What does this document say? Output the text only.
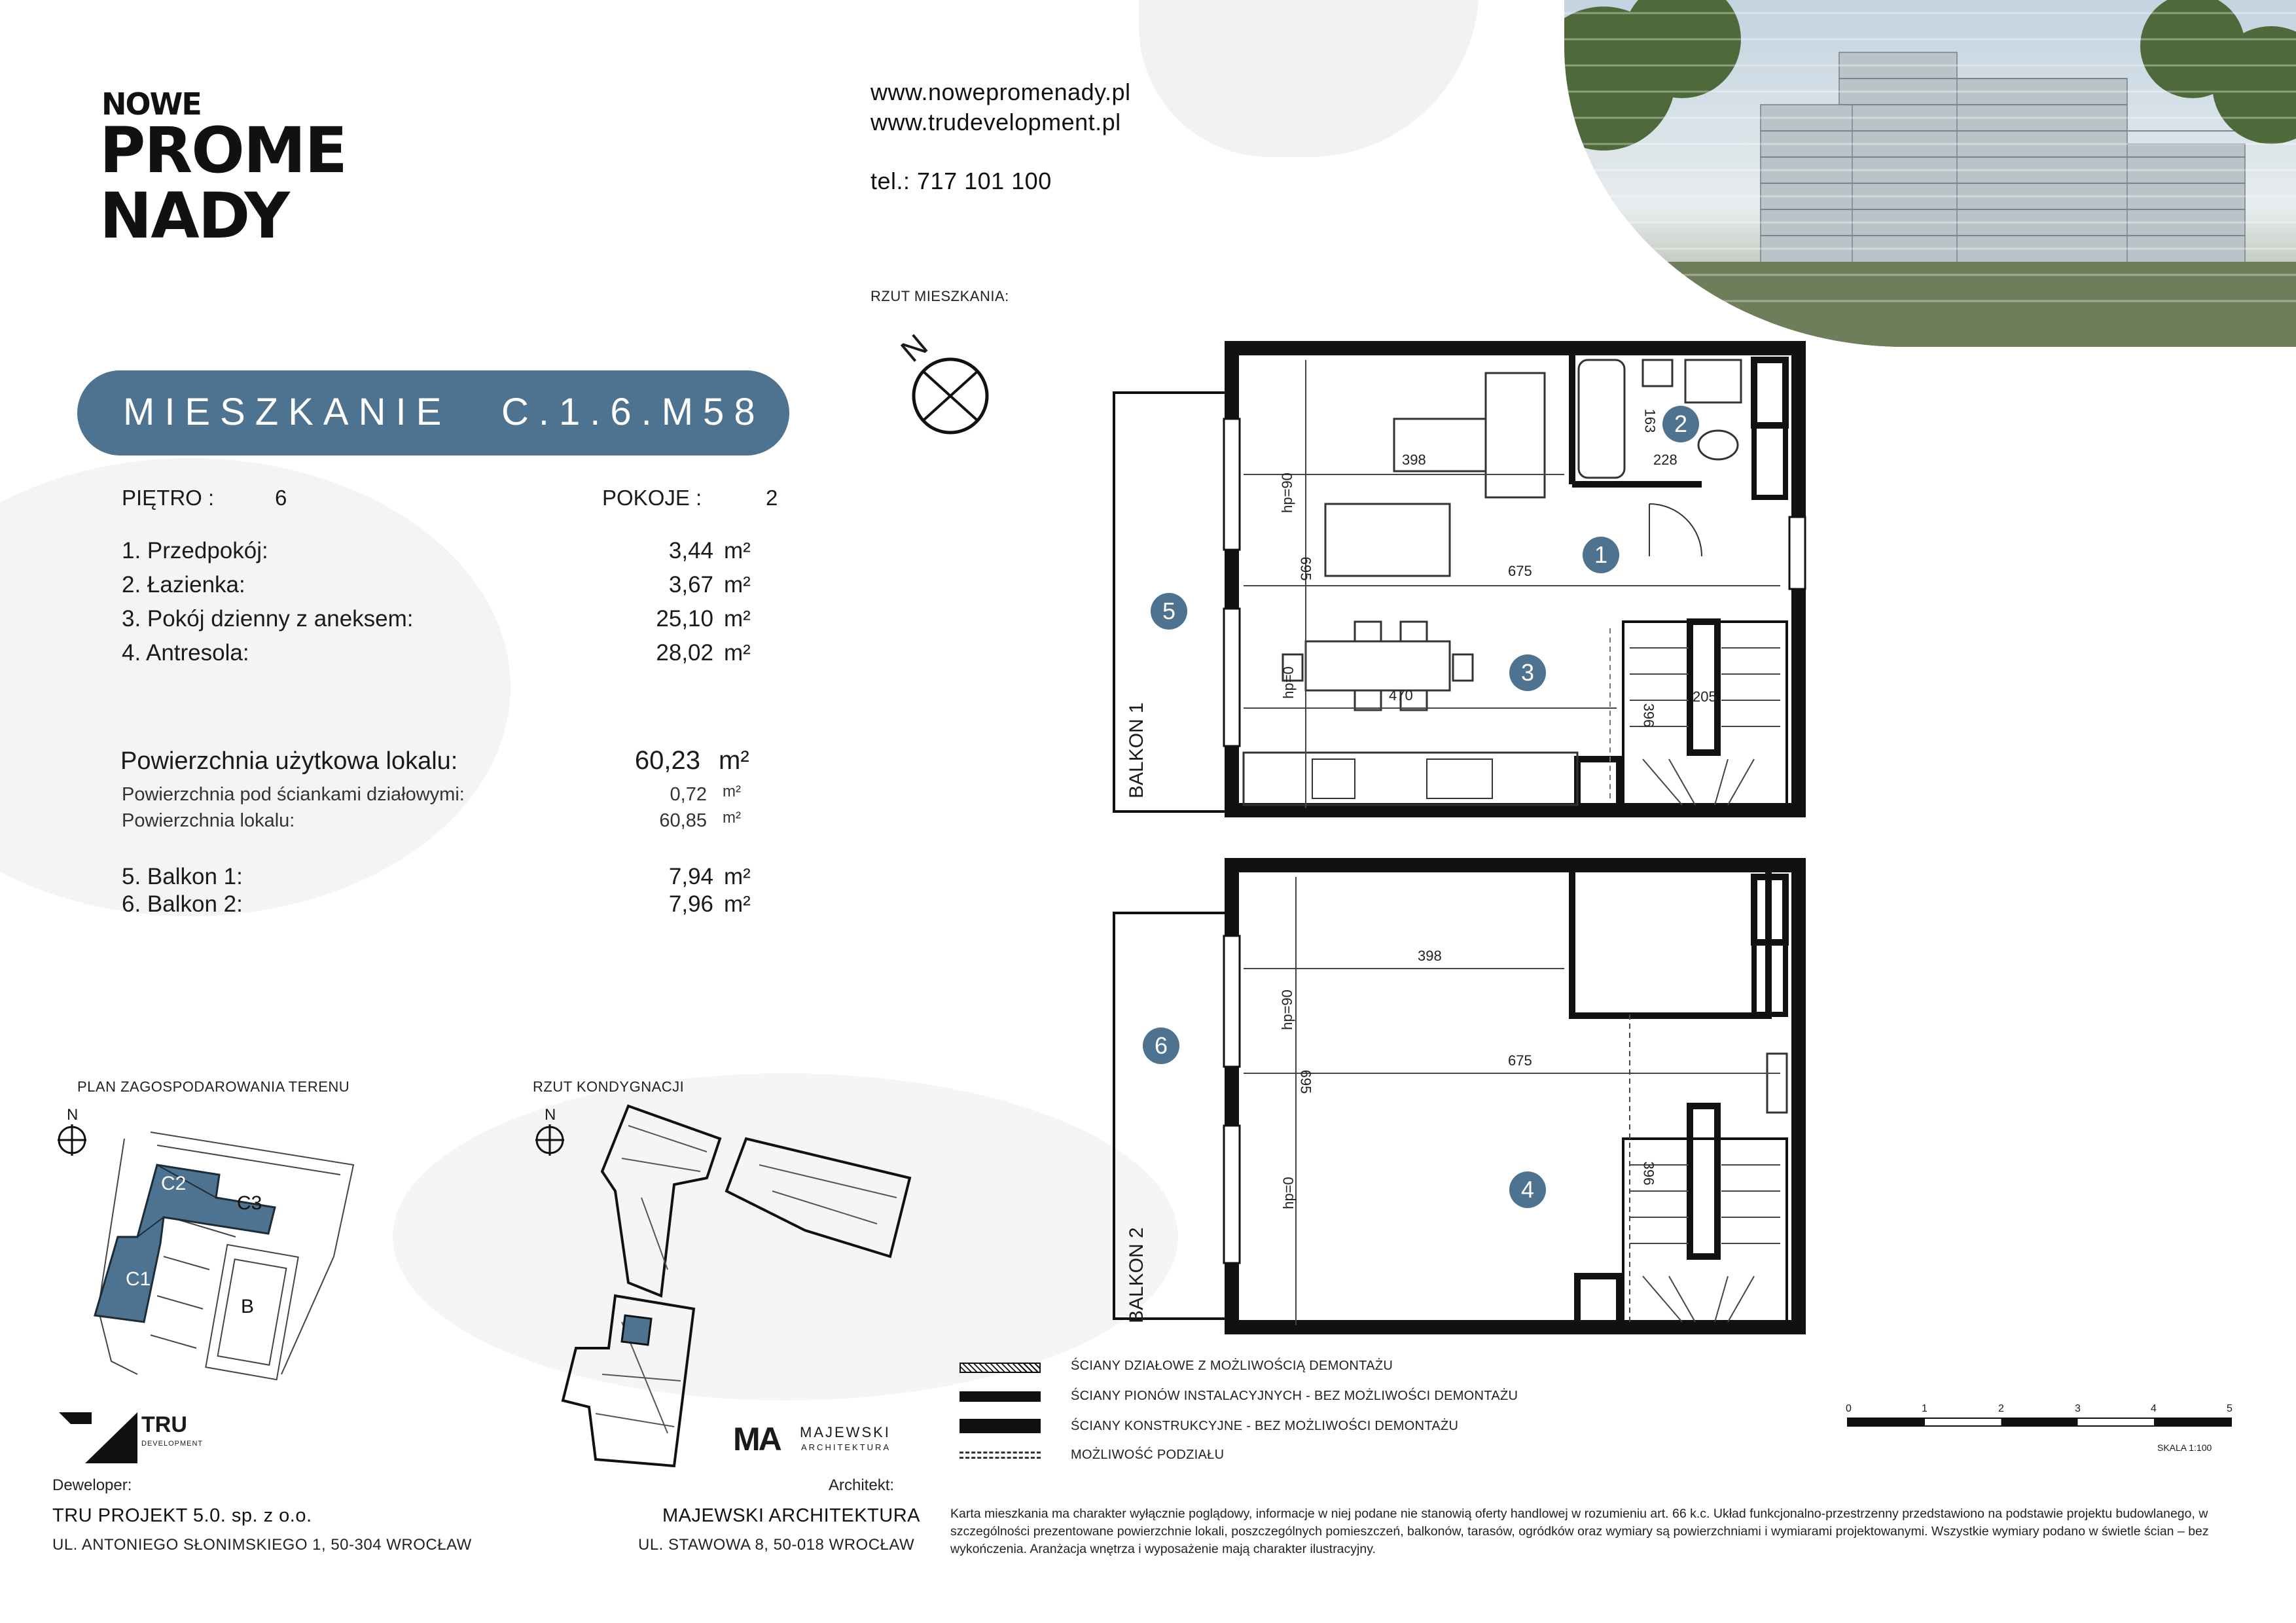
NOWE
PROME
NADY
www.nowepromenady.pl
www.trudevelopment.pl
tel.: 717 101 100
RZUT MIESZKANIA:
N
MIESZKANIE C.1.6.M58
PIĘTRO :	6	POKOJE :	2
1. Przedpokój:	3,44 m²
2. Łazienka:	3,67 m²
3. Pokój dzienny z aneksem:	25,10 m²
4. Antresola:	28,02 m²
Powierzchnia użytkowa lokalu:	60,23 m²
Powierzchnia pod ściankami działowymi:	0,72 m²
Powierzchnia lokalu:	60,85 m²
5. Balkon 1:	7,94 m²
6. Balkon 2:	7,96 m²
PLAN ZAGOSPODAROWANIA TERENU
N
C2
C3
C1
B
RZUT KONDYGNACJI
N
1
2
3
5
398	228
163
675
695
470
396
205
hp=90
hp=0
BALKON 1
4
6
398
675
695
396
hp=90
hp=0
BALKON 2
ŚCIANY DZIAŁOWE Z MOŻLIWOŚCIĄ DEMONTAŻU
ŚCIANY PIONÓW INSTALACYJNYCH - BEZ MOŻLIWOŚCI DEMONTAŻU
ŚCIANY KONSTRUKCYJNE - BEZ MOŻLIWOŚCI DEMONTAŻU
MOŻLIWOŚĆ PODZIAŁU
0	1	2	3	4	5
SKALA 1:100
Karta mieszkania ma charakter wyłącznie poglądowy, informacje w niej podane nie stanowią oferty handlowej w rozumieniu art. 66 k.c. Układ funkcjonalno-przestrzenny przedstawiono na podstawie projektu budowlanego, w szczególności prezentowane powierzchnie lokali, poszczególnych pomieszczeń, balkonów, tarasów, ogródków oraz wymiary są powierzchniami i wymiarami projektowanymi. Wszystkie wymiary podano w świetle ścian – bez wykończenia. Aranżacja wnętrza i wyposażenie mają charakter ilustracyjny.
TRU
DEVELOPMENT
Deweloper:
TRU PROJEKT 5.0. sp. z o.o.
UL. ANTONIEGO SŁONIMSKIEGO 1, 50-304 WROCŁAW
MA MAJEWSKI
ARCHITEKTURA
Architekt:
MAJEWSKI ARCHITEKTURA
UL. STAWOWA 8, 50-018 WROCŁAW
